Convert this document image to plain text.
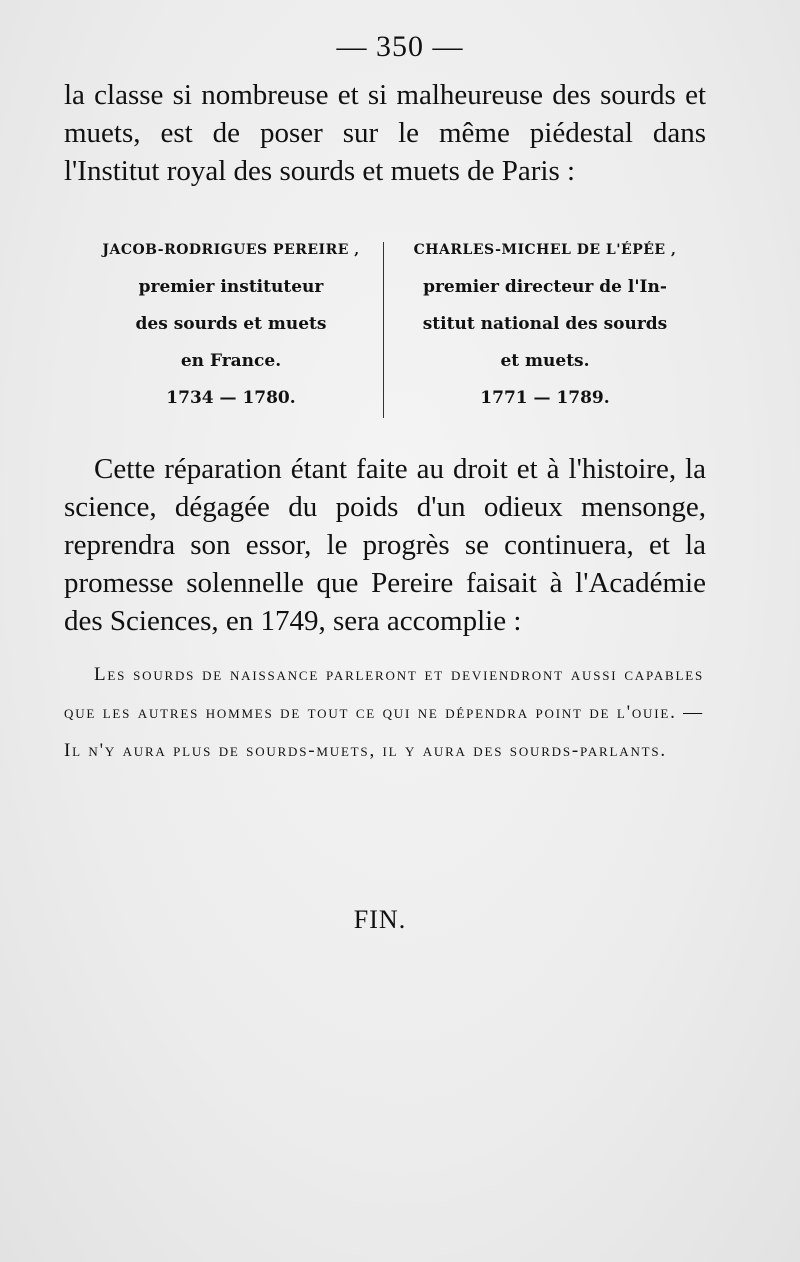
— 350 —
la classe si nombreuse et si malheureuse des sourds et muets, est de poser sur le même piédestal dans l'Institut royal des sourds et muets de Paris :
JACOB-RODRIGUES PEREIRE ,
premier instituteur
des sourds et muets
en France.
1734 — 1780.
CHARLES-MICHEL DE L'ÉPÉE ,
premier directeur de l'In-
stitut national des sourds
et muets.
1771 — 1789.
Cette réparation étant faite au droit et à l'histoire, la science, dégagée du poids d'un odieux mensonge, reprendra son essor, le progrès se continuera, et la promesse solennelle que Pereire faisait à l'Académie des Sciences, en 1749, sera accomplie :
Les sourds de naissance parleront et deviendront aussi capables que les autres hommes de tout ce qui ne dépendra point de l'ouie. — Il n'y aura plus de sourds-muets, il y aura des sourds-parlants.
FIN.
